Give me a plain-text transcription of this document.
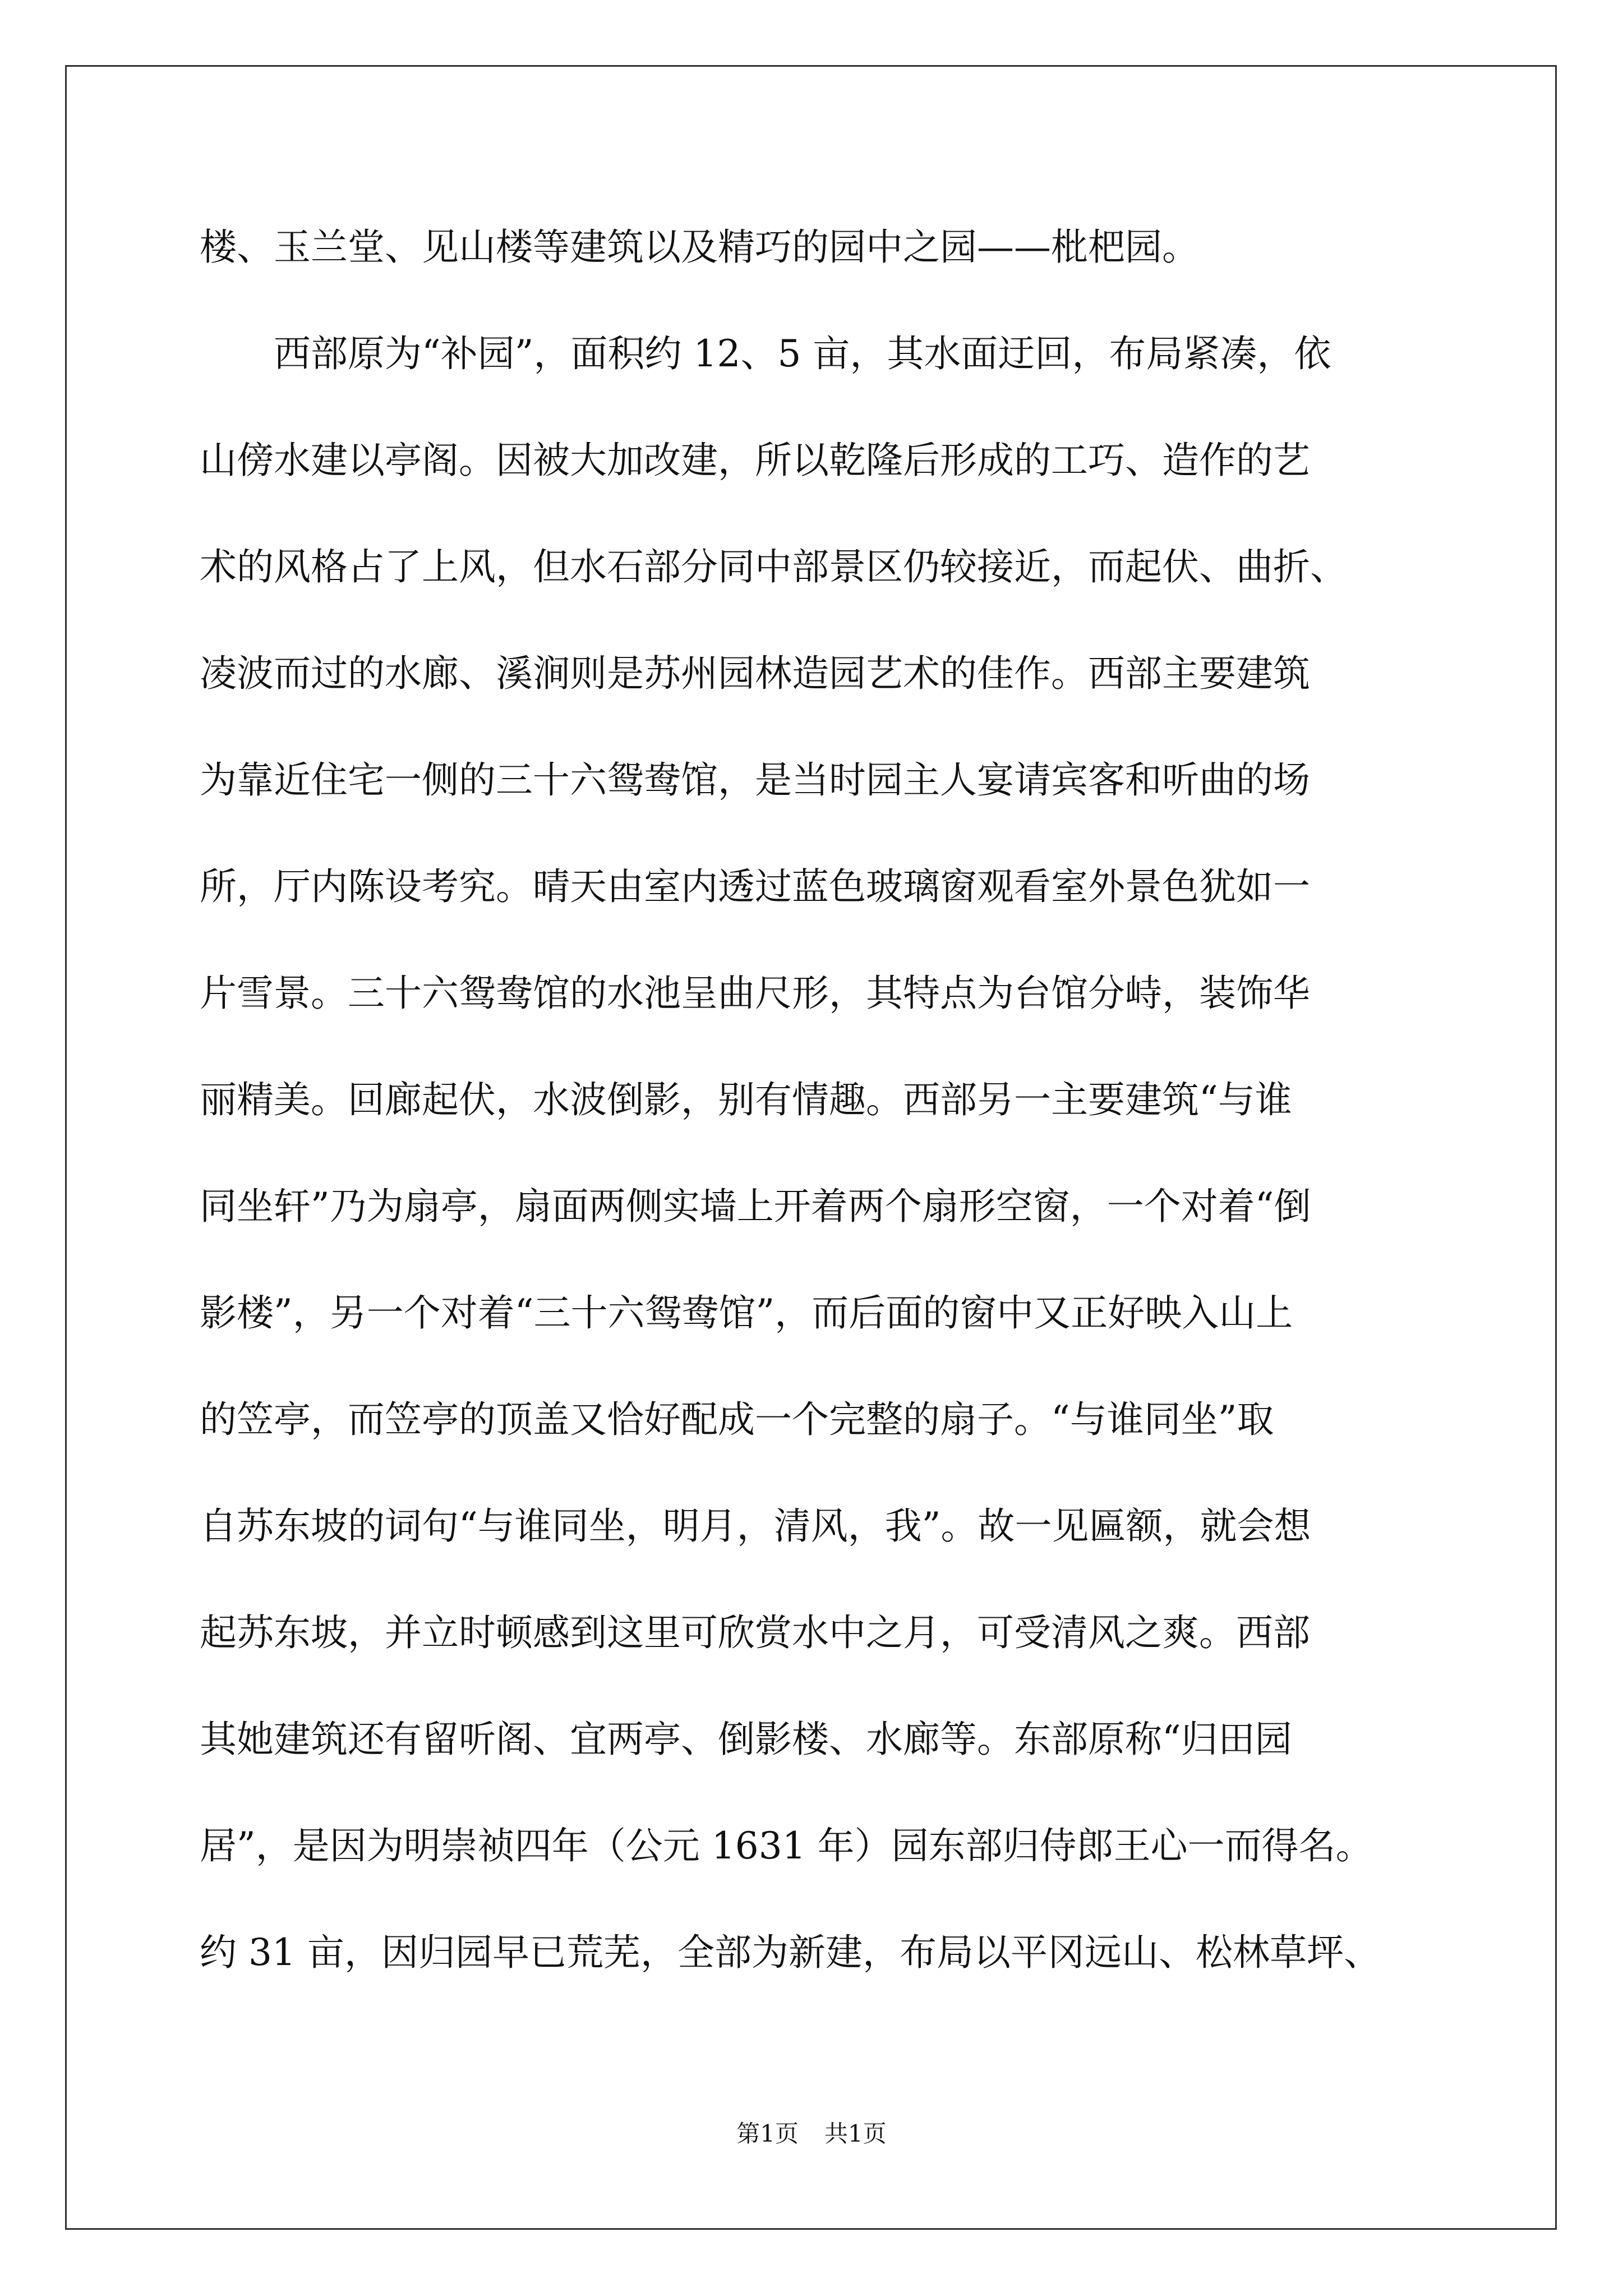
楼、玉兰堂、见山楼等建筑以及精巧的园中之园——枇杷园。
　　西部原为“补园”，面积约 12、5 亩，其水面迂回，布局紧凑，依
山傍水建以亭阁。因被大加改建，所以乾隆后形成的工巧、造作的艺
术的风格占了上风，但水石部分同中部景区仍较接近，而起伏、曲折、
凌波而过的水廊、溪涧则是苏州园林造园艺术的佳作。西部主要建筑
为靠近住宅一侧的三十六鸳鸯馆，是当时园主人宴请宾客和听曲的场
所，厅内陈设考究。晴天由室内透过蓝色玻璃窗观看室外景色犹如一
片雪景。三十六鸳鸯馆的水池呈曲尺形，其特点为台馆分峙，装饰华
丽精美。回廊起伏，水波倒影，别有情趣。西部另一主要建筑“与谁
同坐轩”乃为扇亭，扇面两侧实墙上开着两个扇形空窗，一个对着“倒
影楼”，另一个对着“三十六鸳鸯馆”，而后面的窗中又正好映入山上
的笠亭，而笠亭的顶盖又恰好配成一个完整的扇子。“与谁同坐”取
自苏东坡的词句“与谁同坐，明月，清风，我”。故一见匾额，就会想
起苏东坡，并立时顿感到这里可欣赏水中之月，可受清风之爽。西部
其她建筑还有留听阁、宜两亭、倒影楼、水廊等。东部原称“归田园
居”，是因为明崇祯四年（公元 1631 年）园东部归侍郎王心一而得名。
约 31 亩，因归园早已荒芜，全部为新建，布局以平冈远山、松林草坪、
第1页 共1页
